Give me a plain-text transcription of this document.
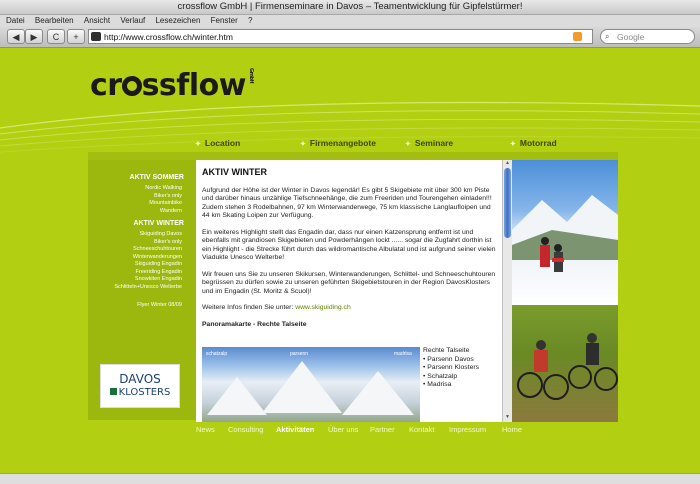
crossflow GmbH | Firmenseminare in Davos – Teamentwicklung für Gipfelstürmer!
Datei Bearbeiten Ansicht Verlauf Lesezeichen Fenster ?
◀	▶	C	+	http://www.crossflow.ch/winter.htm	⌕ Google
cr ssflow GmbH
✦ Location	✦ Firmenangebote	✦ Seminare	✦ Motorrad
AKTIV SOMMER
Nordic Walking
Biker's only
Mountainbike
Wandern
AKTIV WINTER
Skiguiding Davos
Biker's only
Schneeschuhtouren
Winterwanderungen
Skiguiding Engadin
Freeriding Engadin
Snowkiten Engadin
Schlitteln+Unesco Welterbe
Flyer Winter 08/09
DAVOS
KLOSTERS
AKTIV WINTER

Aufgrund der Höhe ist der Winter in Davos legendär! Es gibt 5 Skigebiete mit über 300 km Piste und darüber hinaus unzählige Tiefschneehänge, die zum Freeriden und Tourengehen einladen!!! Zudem stehen 3 Rodelbahnen, 97 km Winterwanderwege, 75 km klassische Langlaufloipen und 44 km Skating Loipen zur Verfügung.

Ein weiteres Highlight stellt das Engadin dar, dass nur einen Katzensprung entfernt ist und ebenfalls mit grandiosen Skigebieten und Powderhängen lockt ...... sogar die Zugfahrt dorthin ist ein Highlight - die Strecke führt durch das wildromantische Albulatal und ist aufgrund seiner vielen Viadukte Unesco Welterbe!

Wir freuen uns Sie zu unseren Skikursen, Winterwanderungen, Schlittel- und Schneeschuhtouren begrüssen zu dürfen sowie zu unseren geführten Skigebietstouren in der Region DavosKlosters und im Engadin (St. Moritz & Scuol)!

Weitere Infos finden Sie unter: www.skiguiding.ch

Panoramakarte - Rechte Talseite
schatzalp	parsenn	madrisa Rechte Talseite
• Parsenn Davos
• Parsenn Klosters
• Schatzalp
• Madrisa
▲
▼
News Consulting Aktivitäten Über uns Partner Kontakt Impressum Home
